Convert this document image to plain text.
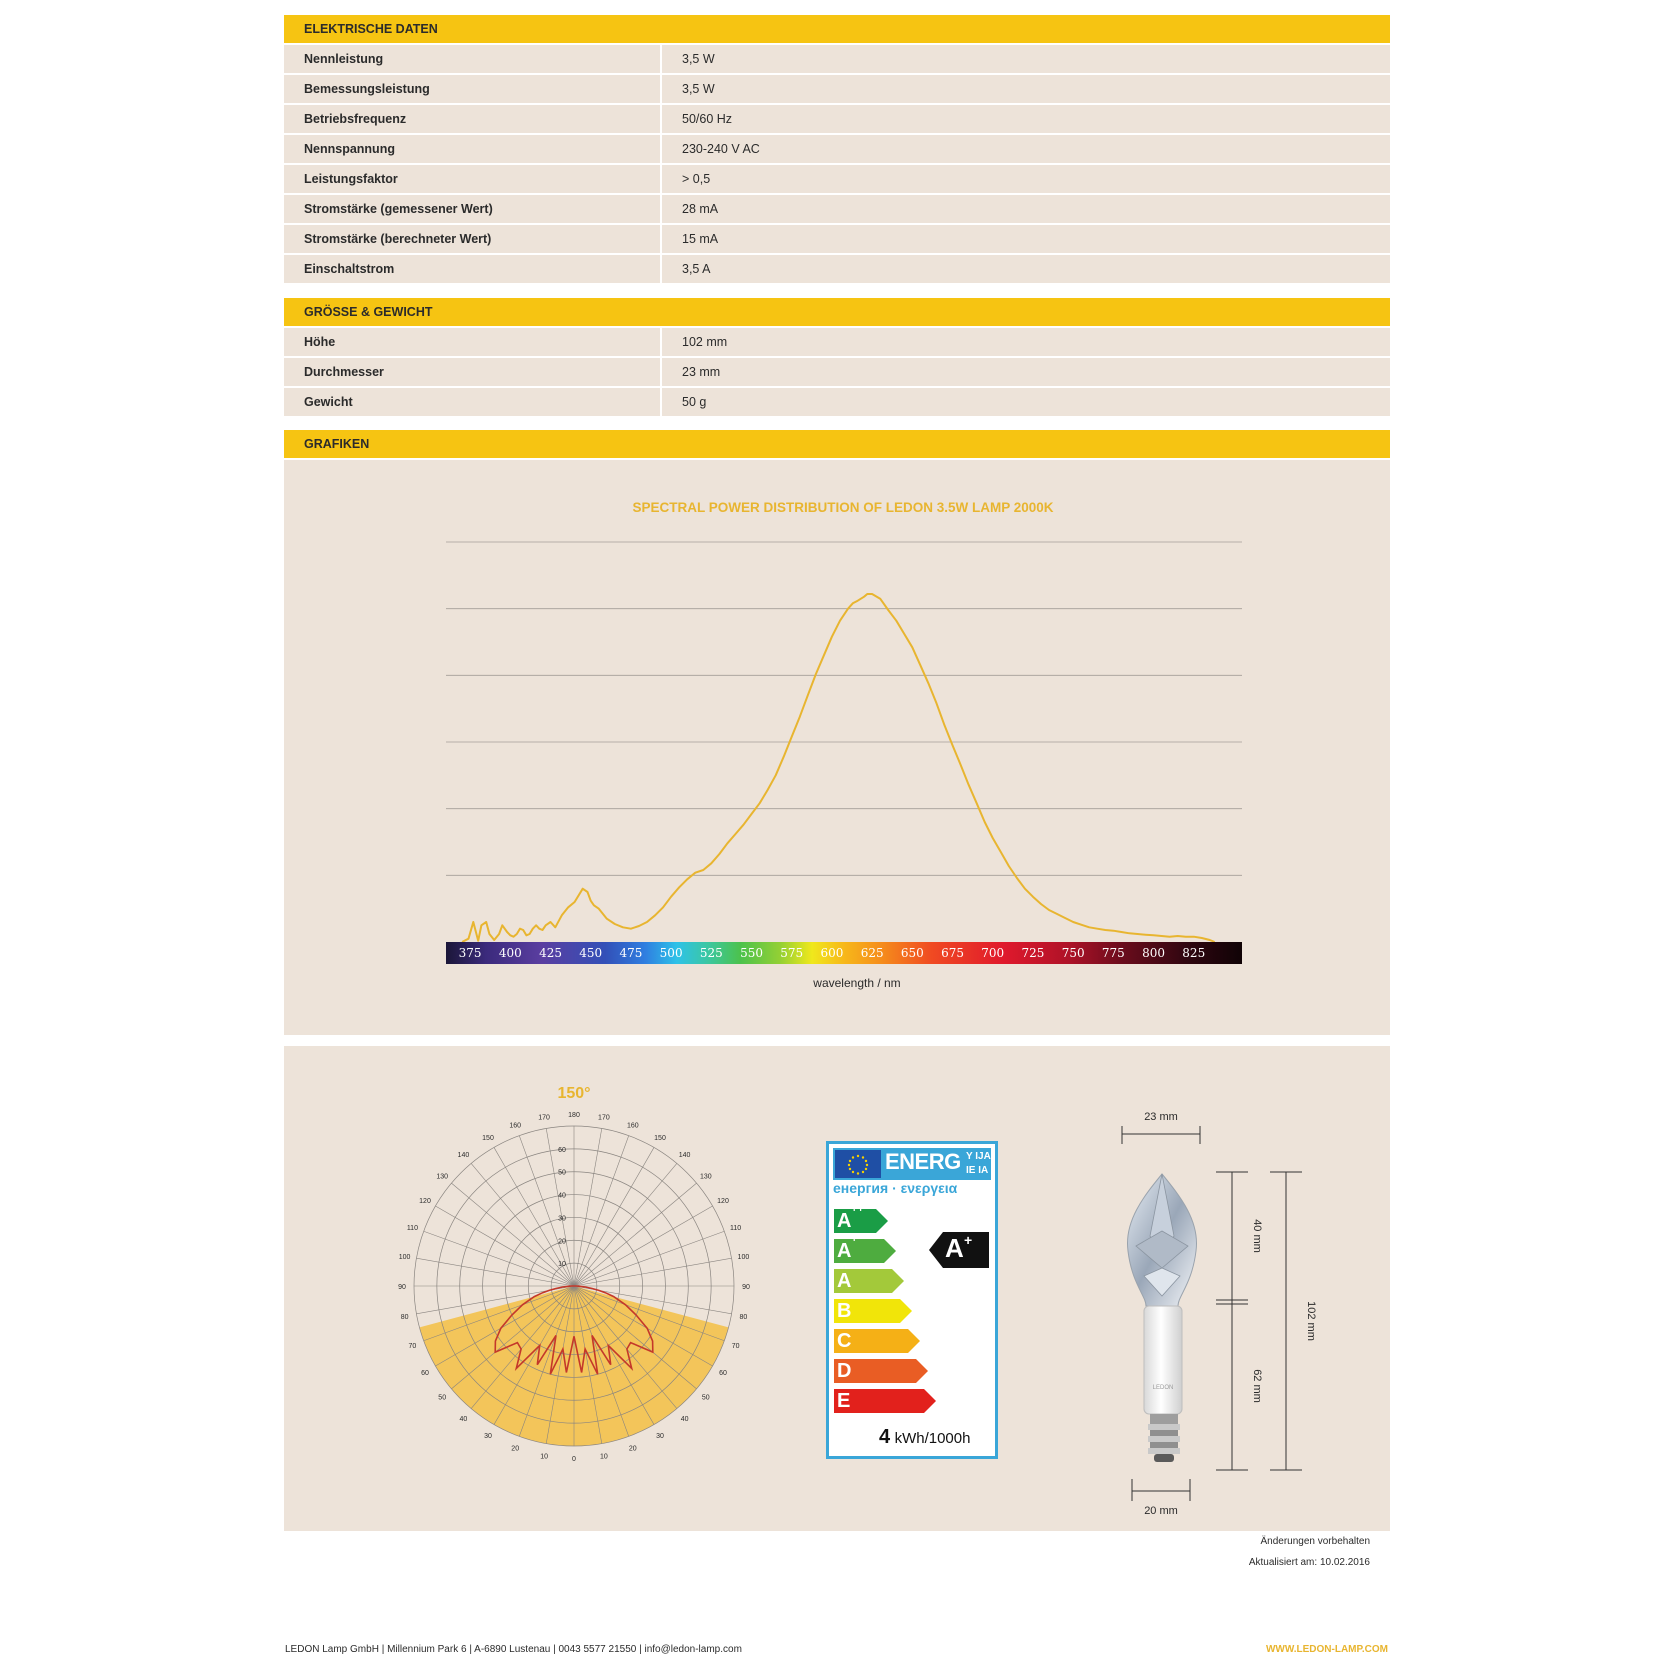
ELEKTRISCHE DATEN
Nennleistung	3,5 W
Bemessungsleistung	3,5 W
Betriebsfrequenz	50/60 Hz
Nennspannung	230-240 V AC
Leistungsfaktor	> 0,5
Stromstärke (gemessener Wert)	28 mA
Stromstärke (berechneter Wert)	15 mA
Einschaltstrom	3,5 A
GRÖSSE & GEWICHT
Höhe	102 mm
Durchmesser	23 mm
Gewicht	50 g
GRAFIKEN
SPECTRAL POWER DISTRIBUTION OF LEDON 3.5W LAMP 2000K
375 400 425 450 475 500 525 550 575 600 625 650 675 700 725 750 775 800 825
wavelength / nm
150°
180	170
170
160
160
150
150
140
140
130
130
120
120
110
110
100
100
90
90
80
80
70
70
60
60
50
50
40
40
30
30
20
20
10
10	0
60
50
40
30
20
10
ENERG Y IJA
IE IA
енергия · ενεργεια
A
++
A
+
A
B
C
D
E
A +
4 kWh/1000h
23 mm
LEDON
20 mm
40 mm
62 mm
102 mm
Änderungen vorbehalten
Aktualisiert am: 10.02.2016
LEDON Lamp GmbH | Millennium Park 6 | A-6890 Lustenau | 0043 5577 21550 | info@ledon-lamp.com	WWW.LEDON-LAMP.COM
